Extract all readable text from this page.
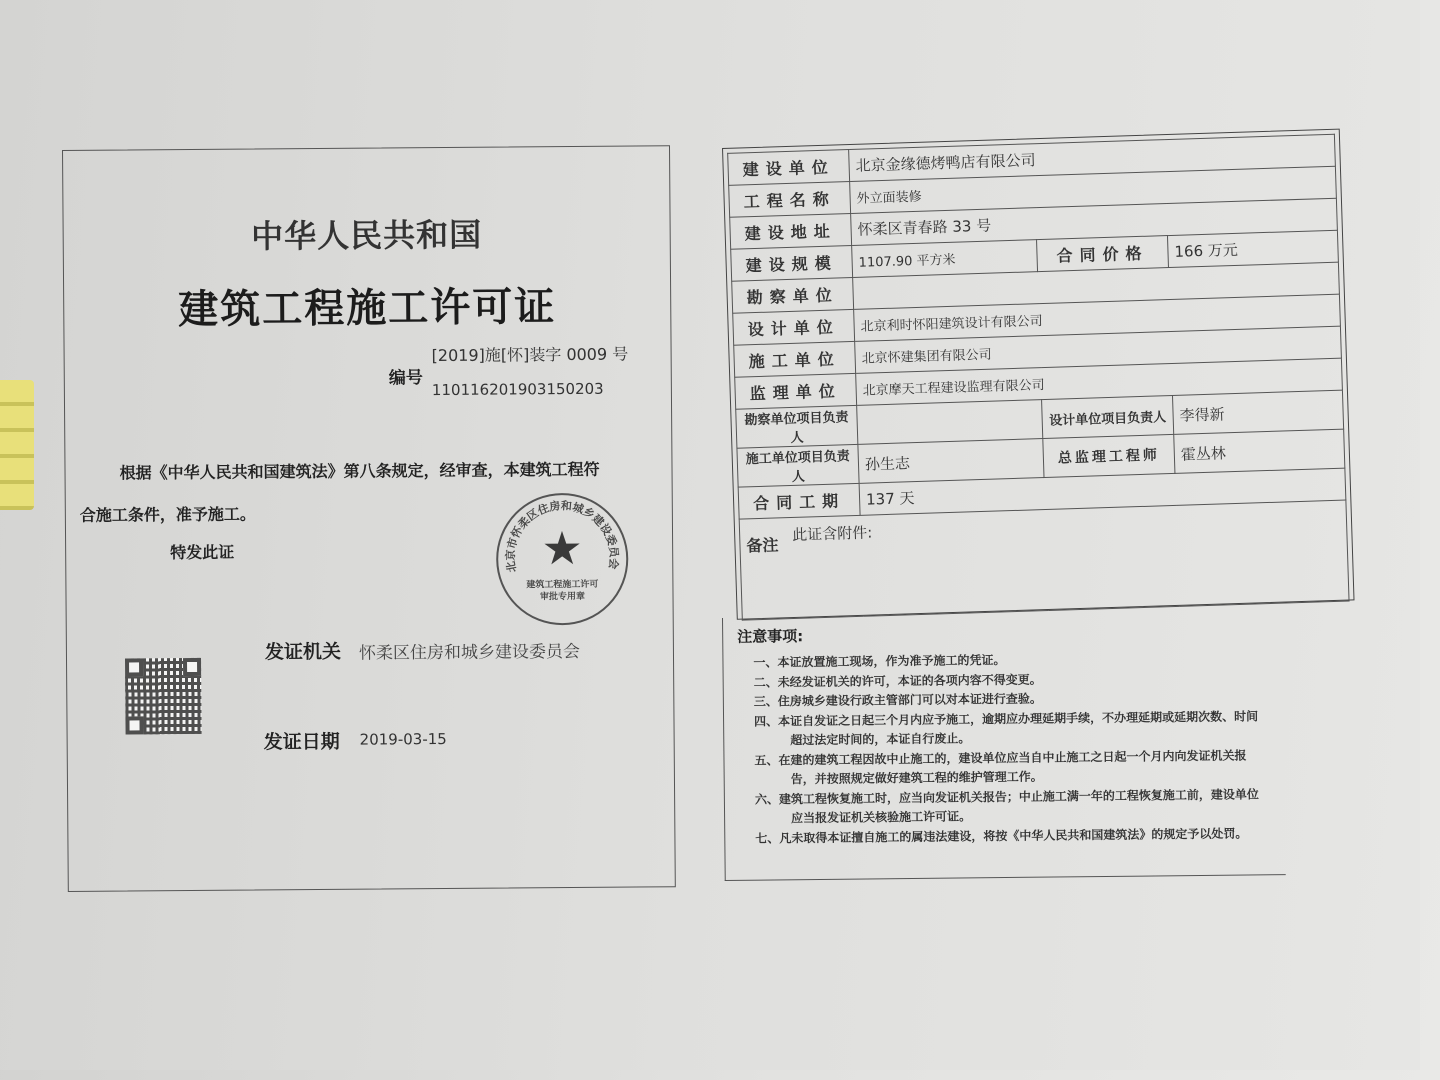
中华人民共和国
建筑工程施工许可证
编号
[2019]施[怀]装字 0009 号
110116201903150203
根据《中华人民共和国建筑法》第八条规定，经审查，本建筑工程符
合施工条件，准予施工。
特发此证
北京市怀柔区住房和城乡建设委员会
★
建筑工程施工许可
审批专用章
发证机关 怀柔区住房和城乡建设委员会
发证日期 2019-03-15
建设单位	北京金缘德烤鸭店有限公司		
工程名称	外立面装修		
建设地址	怀柔区青春路 33 号		
建设规模	1107.90 平方米	合同价格	166 万元
勘察单位			
设计单位	北京利时怀阳建筑设计有限公司		
施工单位	北京怀建集团有限公司		
监理单位	北京摩天工程建设监理有限公司		
勘察单位项目负责人		设计单位项目负责人	李得新
施工单位项目负责人	孙生志	总监理工程师	霍丛林
合同工期	137 天		
备注此证含附件:			
注意事项:
一、本证放置施工现场，作为准予施工的凭证。
二、未经发证机关的许可，本证的各项内容不得变更。
三、住房城乡建设行政主管部门可以对本证进行查验。
四、本证自发证之日起三个月内应予施工，逾期应办理延期手续，不办理延期或延期次数、时间超过法定时间的，本证自行废止。
五、在建的建筑工程因故中止施工的，建设单位应当自中止施工之日起一个月内向发证机关报告，并按照规定做好建筑工程的维护管理工作。
六、建筑工程恢复施工时，应当向发证机关报告；中止施工满一年的工程恢复施工前，建设单位应当报发证机关核验施工许可证。
七、凡未取得本证擅自施工的属违法建设，将按《中华人民共和国建筑法》的规定予以处罚。
